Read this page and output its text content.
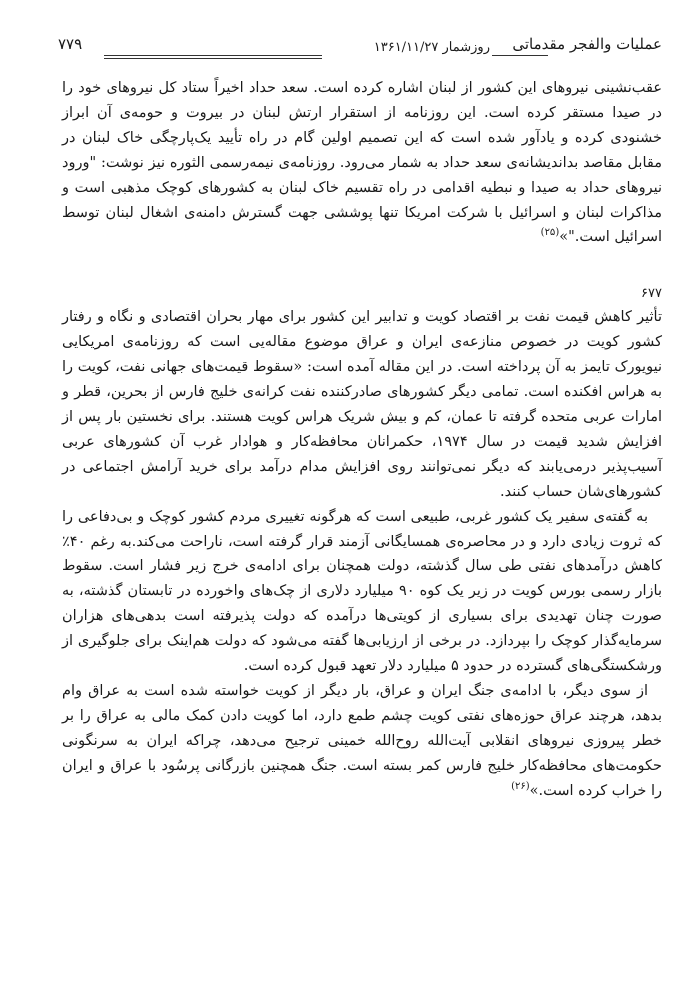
عملیات والفجر مقدماتی
روزشمار ۱۳۶۱/۱۱/۲۷
۷۷۹

عقب‌نشینی نیروهای این کشور از لبنان اشاره کرده است. سعد حداد اخیراً ستاد کل نیروهای خود را در صیدا مستقر کرده است. این روزنامه از استقرار ارتش لبنان در بیروت و حومه‌ی آن ابراز خشنودی کرده و یادآور شده است که این تصمیم اولین گام در راه تأیید یک‌پارچگی خاک لبنان در مقابل مقاصد بداندیشانه‌ی سعد حداد به شمار می‌رود. روزنامه‌ی نیمه‌رسمی الثوره نیز نوشت: "ورود نیروهای حداد به صیدا و نبطیه اقدامی در راه تقسیم خاک لبنان به کشورهای کوچک مذهبی است و مذاکرات لبنان و اسرائیل با شرکت امریکا تنها پوششی جهت گسترش دامنه‌ی اشغال لبنان توسط اسرائیل است."»$^{(۲۵)}$

۶۷۷

تأثیر کاهش قیمت نفت بر اقتصاد کویت و تدابیر این کشور برای مهار بحران اقتصادی و نگاه و رفتار کشور کویت در خصوص منازعه‌ی ایران و عراق موضوع مقاله‌یی است که روزنامه‌ی امریکایی نیویورک تایمز به آن پرداخته است. در این مقاله آمده است: «سقوط قیمت‌های جهانی نفت، کویت را به هراس افکنده است. تمامی دیگر کشورهای صادرکننده نفت کرانه‌ی خلیج فارس از بحرین، قطر و امارات عربی متحده گرفته تا عمان، کم و بیش شریک هراس کویت هستند. برای نخستین بار پس از افزایش شدید قیمت در سال ۱۹۷۴، حکمرانان محافظه‌کار و هوادار غرب آن کشورهای عربی آسیب‌پذیر درمی‌یابند که دیگر نمی‌توانند روی افزایش مدام درآمد برای خرید آرامش اجتماعی در کشورهای‌شان حساب کنند.

به گفته‌ی سفیر یک کشور غربی، طبیعی است که هرگونه تغییری مردم کشور کوچک و بی‌دفاعی را که ثروت زیادی دارد و در محاصره‌ی همسایگانی آزمند قرار گرفته است، ناراحت می‌کند.به رغم ۴۰٪ کاهش درآمدهای نفتی طی سال گذشته، دولت همچنان برای ادامه‌ی خرج زیر فشار است. سقوط بازار رسمی بورس کویت در زیر یک کوه ۹۰ میلیارد دلاری از چک‌های واخورده در تابستان گذشته، به صورت چنان تهدیدی برای بسیاری از کویتی‌ها درآمده که دولت پذیرفته است بدهی‌های هزاران سرمایه‌گذار کوچک را بپردازد. در برخی از ارزیابی‌ها گفته می‌شود که دولت هم‌اینک برای جلوگیری از ورشکستگی‌های گسترده در حدود ۵ میلیارد دلار تعهد قبول کرده است.

از سوی دیگر، با ادامه‌ی جنگ ایران و عراق، بار دیگر از کویت خواسته شده است به عراق وام بدهد، هرچند عراق حوزه‌های نفتی کویت چشم طمع دارد، اما کویت دادن کمک مالی به عراق را بر خطر پیروزی نیروهای انقلابی آیت‌الله روح‌الله خمینی ترجیح می‌دهد، چراکه ایران به سرنگونی حکومت‌های محافظه‌کار خلیج فارس کمر بسته است. جنگ همچنین بازرگانی پرسُود با عراق و ایران را خراب کرده است.»$^{(۲۶)}$
